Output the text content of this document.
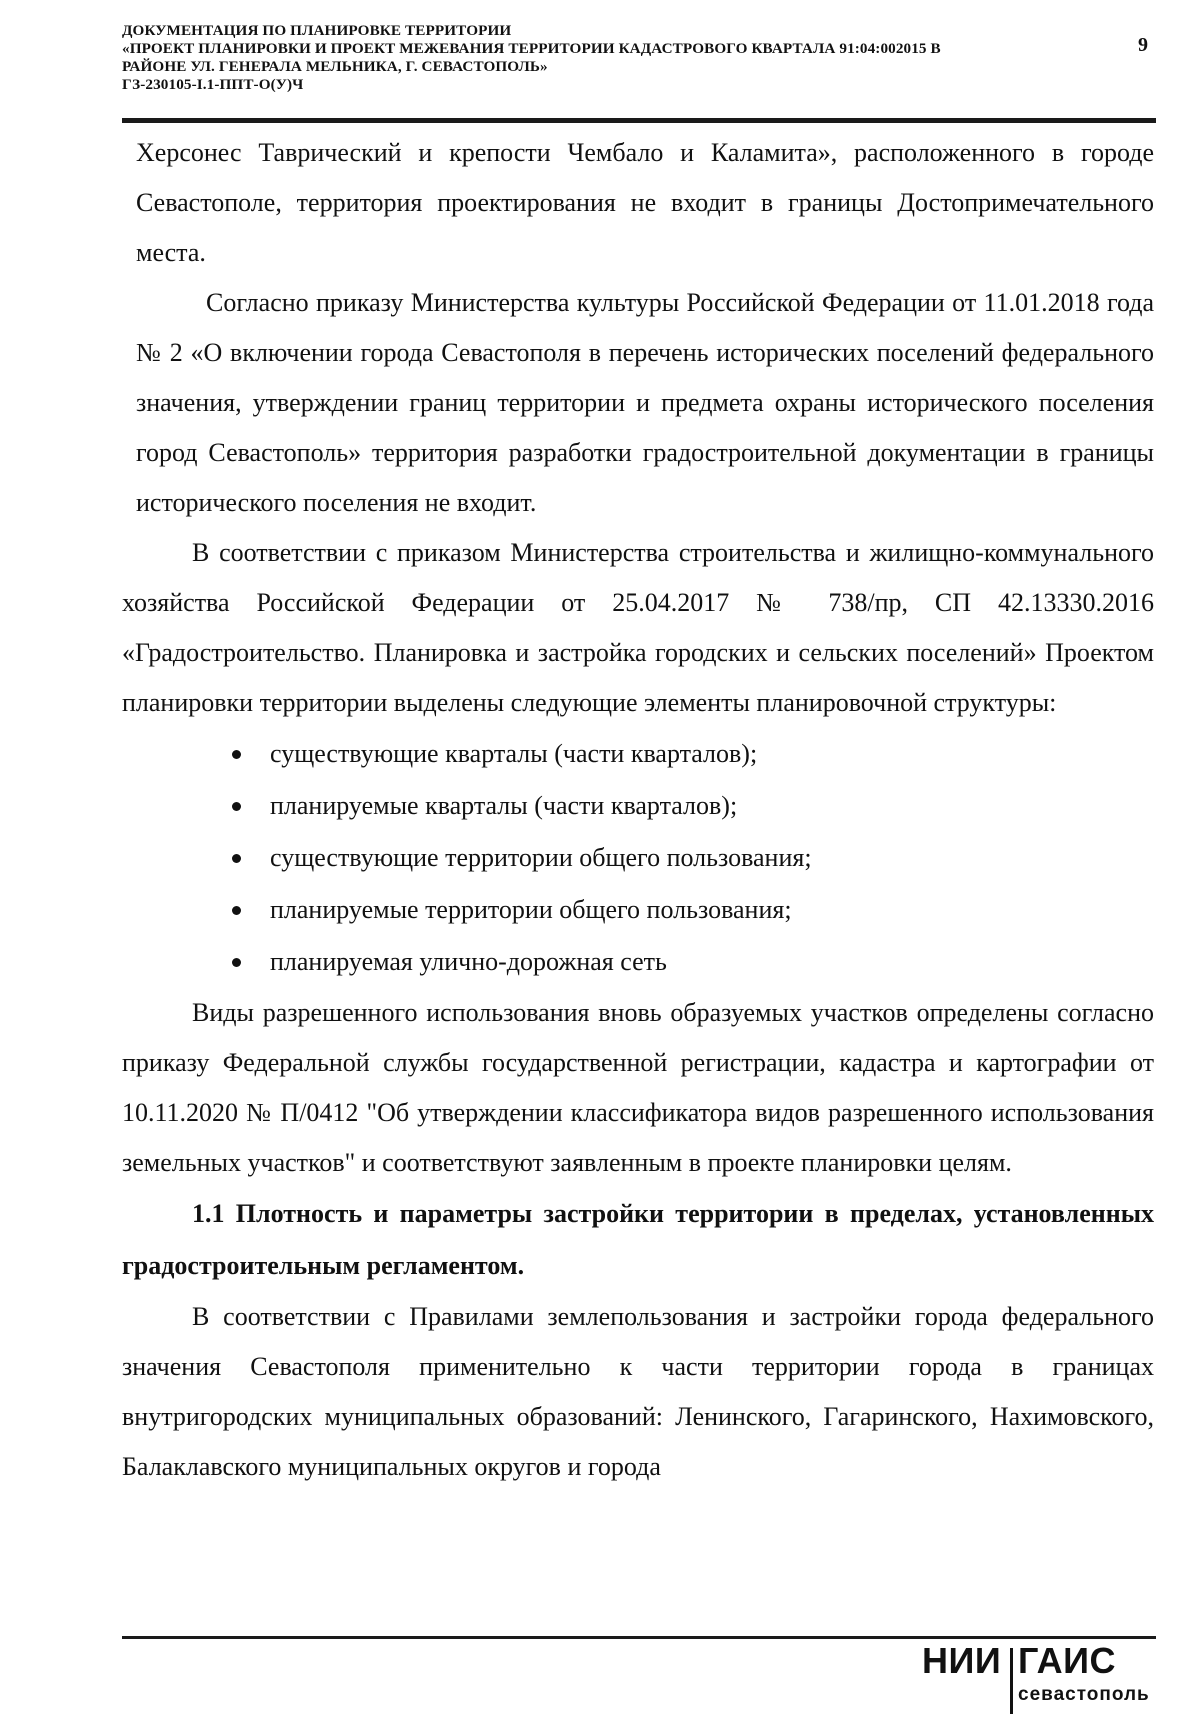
ДОКУМЕНТАЦИЯ ПО ПЛАНИРОВКЕ ТЕРРИТОРИИ
«ПРОЕКТ ПЛАНИРОВКИ И ПРОЕКТ МЕЖЕВАНИЯ ТЕРРИТОРИИ КАДАСТРОВОГО КВАРТАЛА 91:04:002015 В
РАЙОНЕ УЛ. ГЕНЕРАЛА МЕЛЬНИКА, Г. СЕВАСТОПОЛЬ»
ГЗ-230105-I.1-ППТ-О(У)Ч
9

Херсонес Таврический и крепости Чембало и Каламита», расположенного в городе Севастополе, территория проектирования не входит в границы Достопримечательного места.

Согласно приказу Министерства культуры Российской Федерации от 11.01.2018 года № 2 «О включении города Севастополя в перечень исторических поселений федерального значения, утверждении границ территории и предмета охраны исторического поселения город Севастополь» территория разработки градостроительной документации в границы исторического поселения не входит.

В соответствии с приказом Министерства строительства и жилищно-коммунального хозяйства Российской Федерации от 25.04.2017 № 738/пр, СП 42.13330.2016 «Градостроительство. Планировка и застройка городских и сельских поселений» Проектом планировки территории выделены следующие элементы планировочной структуры:

существующие кварталы (части кварталов);
планируемые кварталы (части кварталов);
существующие территории общего пользования;
планируемые территории общего пользования;
планируемая улично-дорожная сеть

Виды разрешенного использования вновь образуемых участков определены согласно приказу Федеральной службы государственной регистрации, кадастра и картографии от 10.11.2020 № П/0412 "Об утверждении классификатора видов разрешенного использования земельных участков" и соответствуют заявленным в проекте планировки целям.

1.1 Плотность и параметры застройки территории в пределах, установленных градостроительным регламентом.

В соответствии с Правилами землепользования и застройки города федерального значения Севастополя применительно к части территории города в границах внутригородских муниципальных образований: Ленинского, Гагаринского, Нахимовского, Балаклавского муниципальных округов и города

НИИ ГАИС
севастополь
